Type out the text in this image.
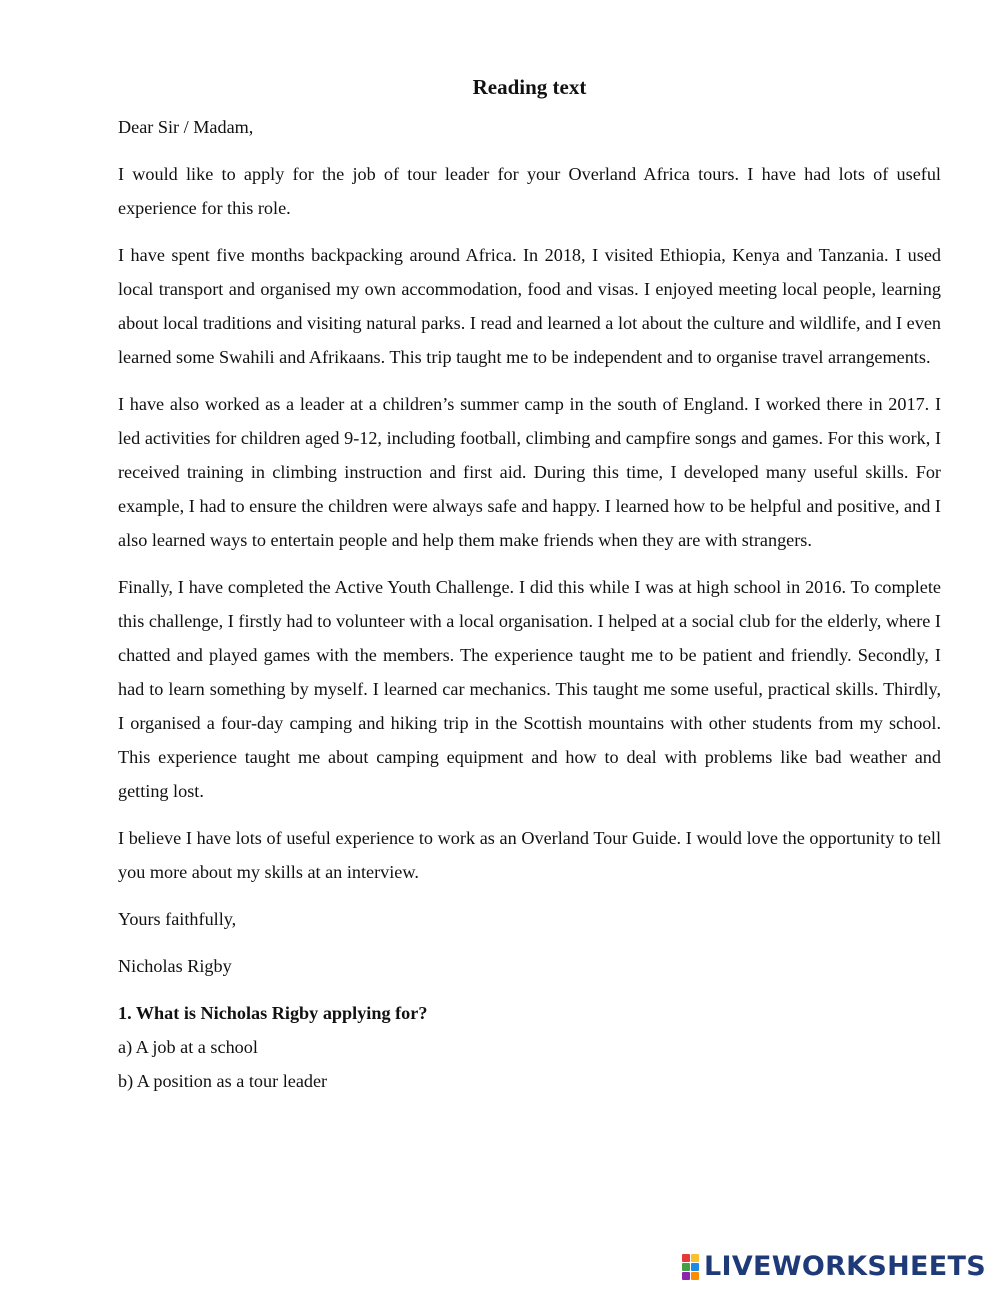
Reading text

Dear Sir / Madam,

I would like to apply for the job of tour leader for your Overland Africa tours. I have had lots of useful experience for this role.

I have spent five months backpacking around Africa. In 2018, I visited Ethiopia, Kenya and Tanzania. I used local transport and organised my own accommodation, food and visas. I enjoyed meeting local people, learning about local traditions and visiting natural parks. I read and learned a lot about the culture and wildlife, and I even learned some Swahili and Afrikaans. This trip taught me to be independent and to organise travel arrangements.

I have also worked as a leader at a children’s summer camp in the south of England. I worked there in 2017. I led activities for children aged 9-12, including football, climbing and campfire songs and games. For this work, I received training in climbing instruction and first aid. During this time, I developed many useful skills. For example, I had to ensure the children were always safe and happy. I learned how to be helpful and positive, and I also learned ways to entertain people and help them make friends when they are with strangers.

Finally, I have completed the Active Youth Challenge. I did this while I was at high school in 2016. To complete this challenge, I firstly had to volunteer with a local organisation. I helped at a social club for the elderly, where I chatted and played games with the members. The experience taught me to be patient and friendly. Secondly, I had to learn something by myself. I learned car mechanics. This taught me some useful, practical skills. Thirdly, I organised a four-day camping and hiking trip in the Scottish mountains with other students from my school. This experience taught me about camping equipment and how to deal with problems like bad weather and getting lost.

I believe I have lots of useful experience to work as an Overland Tour Guide. I would love the opportunity to tell you more about my skills at an interview.

Yours faithfully,

Nicholas Rigby

1. What is Nicholas Rigby applying for?

a) A job at a school

b) A position as a tour leader

LIVEWORKSHEETS
